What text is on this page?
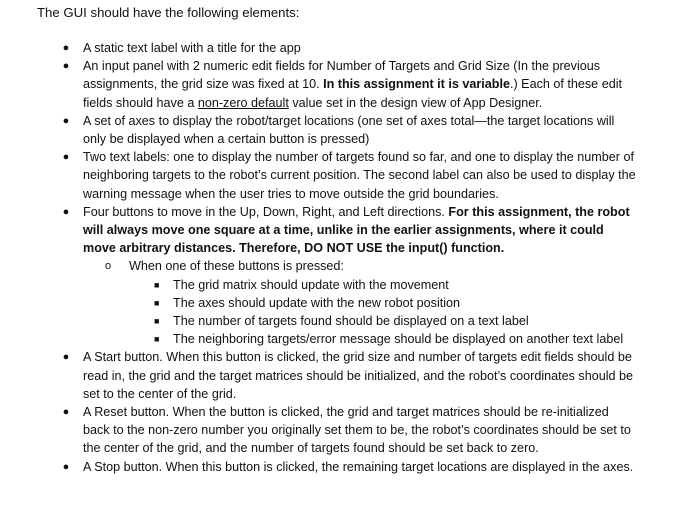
The GUI should have the following elements:

● A static text label with a title for the app
● An input panel with 2 numeric edit fields for Number of Targets and Grid Size (In the previous assignments, the grid size was fixed at 10. In this assignment it is variable.) Each of these edit fields should have a non-zero default value set in the design view of App Designer.
● A set of axes to display the robot/target locations (one set of axes total—the target locations will only be displayed when a certain button is pressed)
● Two text labels: one to display the number of targets found so far, and one to display the number of neighboring targets to the robot’s current position. The second label can also be used to display the warning message when the user tries to move outside the grid boundaries.
● Four buttons to move in the Up, Down, Right, and Left directions. For this assignment, the robot will always move one square at a time, unlike in the earlier assignments, where it could move arbitrary distances. Therefore, DO NOT USE the input() function.
o When one of these buttons is pressed:
■ The grid matrix should update with the movement
■ The axes should update with the new robot position
■ The number of targets found should be displayed on a text label
■ The neighboring targets/error message should be displayed on another text label
● A Start button. When this button is clicked, the grid size and number of targets edit fields should be read in, the grid and the target matrices should be initialized, and the robot’s coordinates should be set to the center of the grid.
● A Reset button. When the button is clicked, the grid and target matrices should be re-initialized back to the non-zero number you originally set them to be, the robot’s coordinates should be set to the center of the grid, and the number of targets found should be set back to zero.
● A Stop button. When this button is clicked, the remaining target locations are displayed in the axes.
